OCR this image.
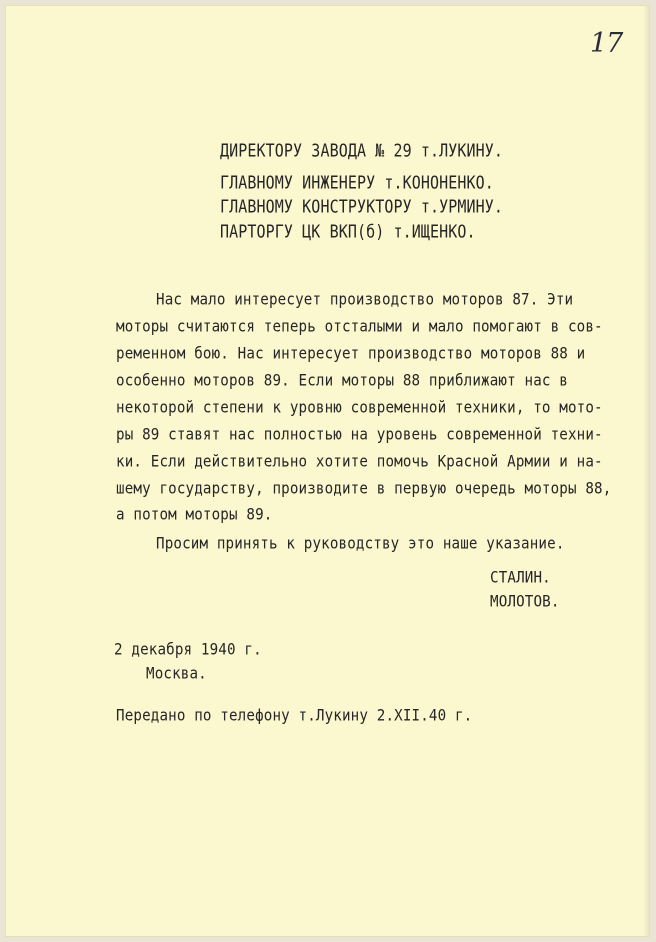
17
ДИРЕКТОРУ ЗАВОДА № 29 т.ЛУКИНУ.
ГЛАВНОМУ ИНЖЕНЕРУ т.КОНОНЕНКО.
ГЛАВНОМУ КОНСТРУКТОРУ т.УРМИНУ.
ПАРТОРГУ ЦК ВКП(б) т.ИЩЕНКО.
Нас мало интересует производство моторов 87. Эти
моторы считаются теперь отсталыми и мало помогают в сов-
ременном бою. Нас интересует производство моторов 88 и
особенно моторов 89. Если моторы 88 приближают нас в
некоторой степени к уровню современной техники, то мото-
ры 89 ставят нас полностью на уровень современной техни-
ки. Если действительно хотите помочь Красной Армии и на-
шему государству, производите в первую очередь моторы 88,
а потом моторы 89.
Просим принять к руководству это наше указание.
СТАЛИН.
МОЛОТОВ.
2 декабря 1940 г.
Москва.
Передано по телефону т.Лукину 2.XII.40 г.
